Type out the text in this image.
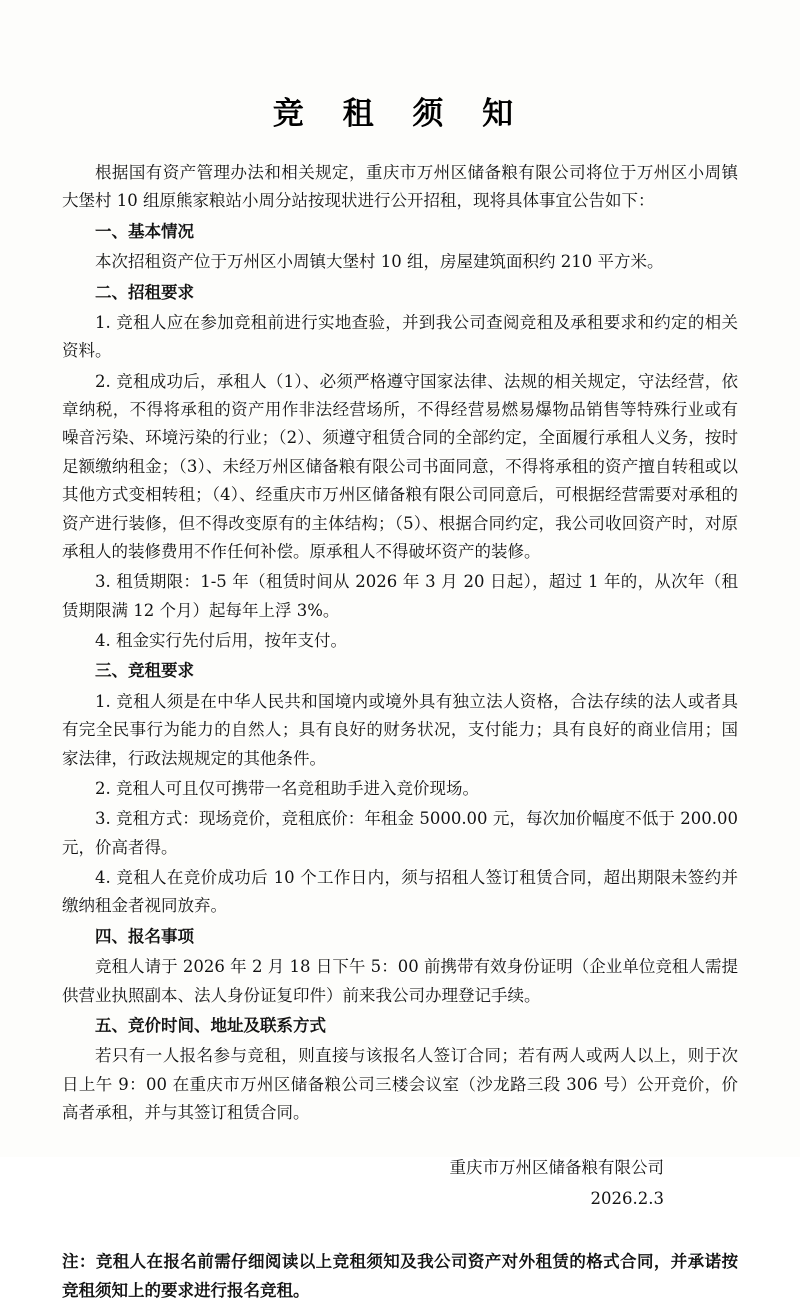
竞 租 须 知

根据国有资产管理办法和相关规定，重庆市万州区储备粮有限公司将位于万州区小周镇大堡村 10 组原熊家粮站小周分站按现状进行公开招租，现将具体事宜公告如下：

一、基本情况

本次招租资产位于万州区小周镇大堡村 10 组，房屋建筑面积约 210 平方米。

二、招租要求

1. 竞租人应在参加竞租前进行实地查验，并到我公司查阅竞租及承租要求和约定的相关资料。

2. 竞租成功后，承租人（1）、必须严格遵守国家法律、法规的相关规定，守法经营，依章纳税，不得将承租的资产用作非法经营场所，不得经营易燃易爆物品销售等特殊行业或有噪音污染、环境污染的行业；（2）、须遵守租赁合同的全部约定，全面履行承租人义务，按时足额缴纳租金；（3）、未经万州区储备粮有限公司书面同意，不得将承租的资产擅自转租或以其他方式变相转租；（4）、经重庆市万州区储备粮有限公司同意后，可根据经营需要对承租的资产进行装修，但不得改变原有的主体结构；（5）、根据合同约定，我公司收回资产时，对原承租人的装修费用不作任何补偿。原承租人不得破坏资产的装修。

3. 租赁期限：1-5 年（租赁时间从 2026 年 3 月 20 日起），超过 1 年的，从次年（租赁期限满 12 个月）起每年上浮 3%。

4. 租金实行先付后用，按年支付。

三、竞租要求

1. 竞租人须是在中华人民共和国境内或境外具有独立法人资格，合法存续的法人或者具有完全民事行为能力的自然人；具有良好的财务状况，支付能力；具有良好的商业信用；国家法律，行政法规规定的其他条件。

2. 竞租人可且仅可携带一名竞租助手进入竞价现场。

3. 竞租方式：现场竞价，竞租底价：年租金 5000.00 元，每次加价幅度不低于 200.00 元，价高者得。

4. 竞租人在竞价成功后 10 个工作日内，须与招租人签订租赁合同，超出期限未签约并缴纳租金者视同放弃。

四、报名事项

竞租人请于 2026 年 2 月 18 日下午 5：00 前携带有效身份证明（企业单位竞租人需提供营业执照副本、法人身份证复印件）前来我公司办理登记手续。

五、竞价时间、地址及联系方式

若只有一人报名参与竞租，则直接与该报名人签订合同；若有两人或两人以上，则于次日上午 9：00 在重庆市万州区储备粮公司三楼会议室（沙龙路三段 306 号）公开竞价，价高者承租，并与其签订租赁合同。

重庆市万州区储备粮有限公司
2026.2.3
注：竞租人在报名前需仔细阅读以上竞租须知及我公司资产对外租赁的格式合同，并承诺按竞租须知上的要求进行报名竞租。
